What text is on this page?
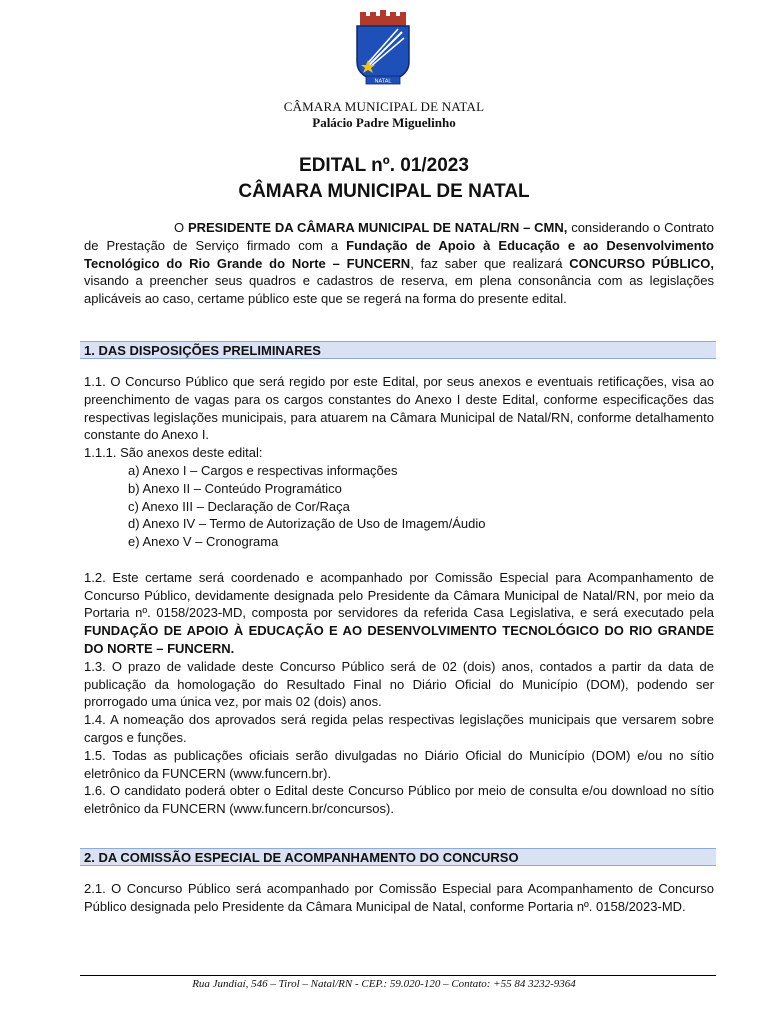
NATAL
CÂMARA MUNICIPAL DE NATAL
Palácio Padre Miguelinho
EDITAL nº. 01/2023
CÂMARA MUNICIPAL DE NATAL
O PRESIDENTE DA CÂMARA MUNICIPAL DE NATAL/RN – CMN, considerando o Contrato de Prestação de Serviço firmado com a Fundação de Apoio à Educação e ao Desenvolvimento Tecnológico do Rio Grande do Norte – FUNCERN, faz saber que realizará CONCURSO PÚBLICO, visando a preencher seus quadros e cadastros de reserva, em plena consonância com as legislações aplicáveis ao caso, certame público este que se regerá na forma do presente edital.
1. DAS DISPOSIÇÕES PRELIMINARES
1.1. O Concurso Público que será regido por este Edital, por seus anexos e eventuais retificações, visa ao preenchimento de vagas para os cargos constantes do Anexo I deste Edital, conforme especificações das respectivas legislações municipais, para atuarem na Câmara Municipal de Natal/RN, conforme detalhamento constante do Anexo I.
1.1.1. São anexos deste edital:
a) Anexo I – Cargos e respectivas informações
b) Anexo II – Conteúdo Programático
c) Anexo III – Declaração de Cor/Raça
d) Anexo IV – Termo de Autorização de Uso de Imagem/Áudio
e) Anexo V – Cronograma
1.2. Este certame será coordenado e acompanhado por Comissão Especial para Acompanhamento de Concurso Público, devidamente designada pelo Presidente da Câmara Municipal de Natal/RN, por meio da Portaria nº. 0158/2023-MD, composta por servidores da referida Casa Legislativa, e será executado pela FUNDAÇÃO DE APOIO À EDUCAÇÃO E AO DESENVOLVIMENTO TECNOLÓGICO DO RIO GRANDE DO NORTE – FUNCERN.
1.3. O prazo de validade deste Concurso Público será de 02 (dois) anos, contados a partir da data de publicação da homologação do Resultado Final no Diário Oficial do Município (DOM), podendo ser prorrogado uma única vez, por mais 02 (dois) anos.
1.4. A nomeação dos aprovados será regida pelas respectivas legislações municipais que versarem sobre cargos e funções.
1.5. Todas as publicações oficiais serão divulgadas no Diário Oficial do Município (DOM) e/ou no sítio eletrônico da FUNCERN (www.funcern.br).
1.6. O candidato poderá obter o Edital deste Concurso Público por meio de consulta e/ou download no sítio eletrônico da FUNCERN (www.funcern.br/concursos).
2. DA COMISSÃO ESPECIAL DE ACOMPANHAMENTO DO CONCURSO
2.1. O Concurso Público será acompanhado por Comissão Especial para Acompanhamento de Concurso Público designada pelo Presidente da Câmara Municipal de Natal, conforme Portaria nº. 0158/2023-MD.
Rua Jundiaí, 546 – Tirol – Natal/RN - CEP.: 59.020-120 – Contato: +55 84 3232-9364
